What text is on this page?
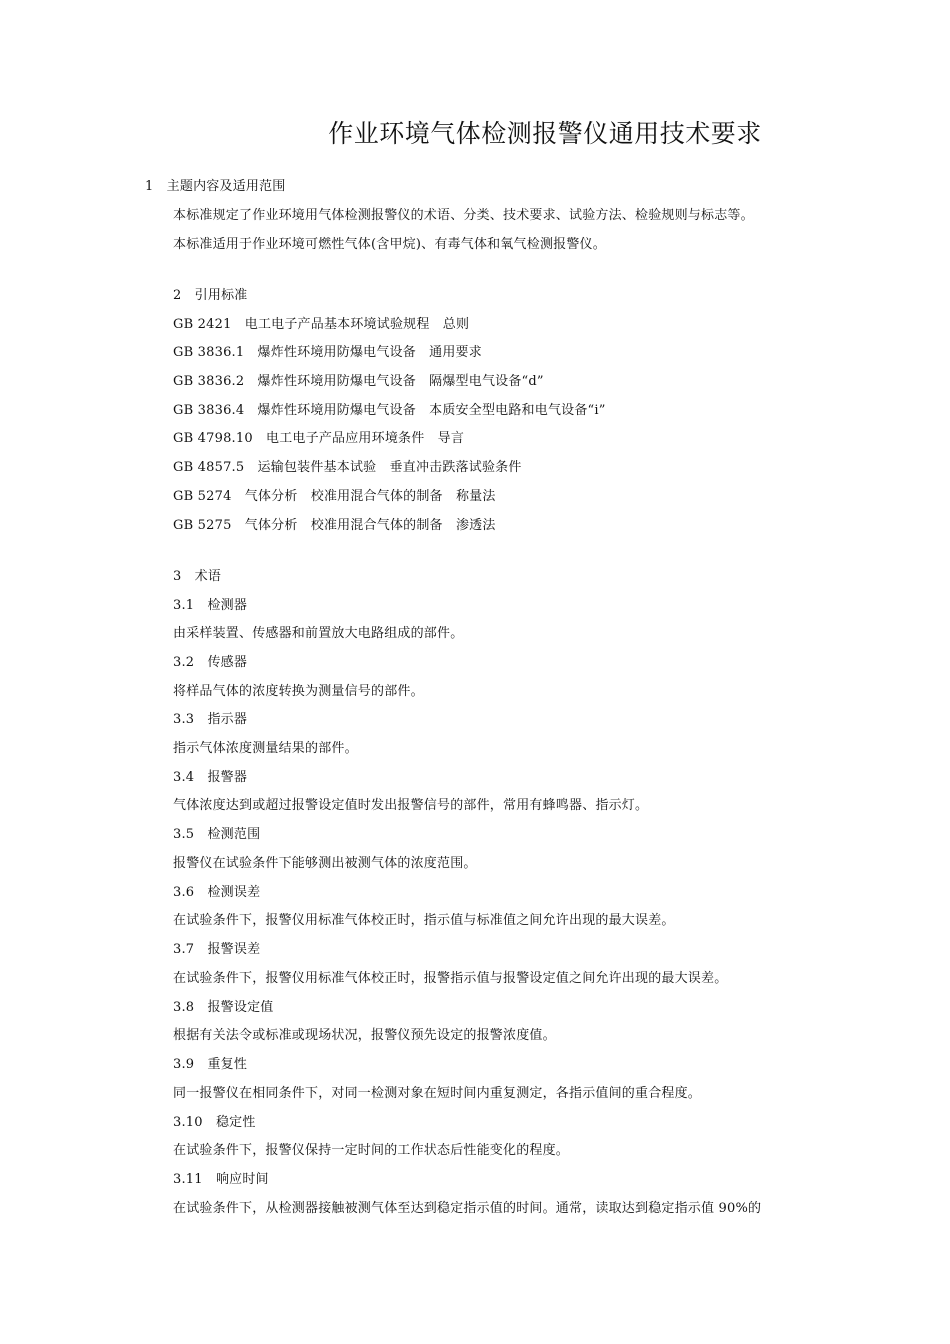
作业环境气体检测报警仪通用技术要求
1　主题内容及适用范围
本标准规定了作业环境用气体检测报警仪的术语、分类、技术要求、试验方法、检验规则与标志等。
本标准适用于作业环境可燃性气体(含甲烷)、有毒气体和氧气检测报警仪。
2　引用标准
GB 2421　电工电子产品基本环境试验规程　总则
GB 3836.1　爆炸性环境用防爆电气设备　通用要求
GB 3836.2　爆炸性环境用防爆电气设备　隔爆型电气设备“d”
GB 3836.4　爆炸性环境用防爆电气设备　本质安全型电路和电气设备“i”
GB 4798.10　电工电子产品应用环境条件　导言
GB 4857.5　运输包装件基本试验　垂直冲击跌落试验条件
GB 5274　气体分析　校准用混合气体的制备　称量法
GB 5275　气体分析　校准用混合气体的制备　渗透法
3　术语
3.1　检测器
由采样装置、传感器和前置放大电路组成的部件。
3.2　传感器
将样品气体的浓度转换为测量信号的部件。
3.3　指示器
指示气体浓度测量结果的部件。
3.4　报警器
气体浓度达到或超过报警设定值时发出报警信号的部件，常用有蜂鸣器、指示灯。
3.5　检测范围
报警仪在试验条件下能够测出被测气体的浓度范围。
3.6　检测误差
在试验条件下，报警仪用标准气体校正时，指示值与标准值之间允许出现的最大误差。
3.7　报警误差
在试验条件下，报警仪用标准气体校正时，报警指示值与报警设定值之间允许出现的最大误差。
3.8　报警设定值
根据有关法令或标准或现场状况，报警仪预先设定的报警浓度值。
3.9　重复性
同一报警仪在相同条件下，对同一检测对象在短时间内重复测定，各指示值间的重合程度。
3.10　稳定性
在试验条件下，报警仪保持一定时间的工作状态后性能变化的程度。
3.11　响应时间
在试验条件下，从检测器接触被测气体至达到稳定指示值的时间。通常，读取达到稳定指示值 90%的
